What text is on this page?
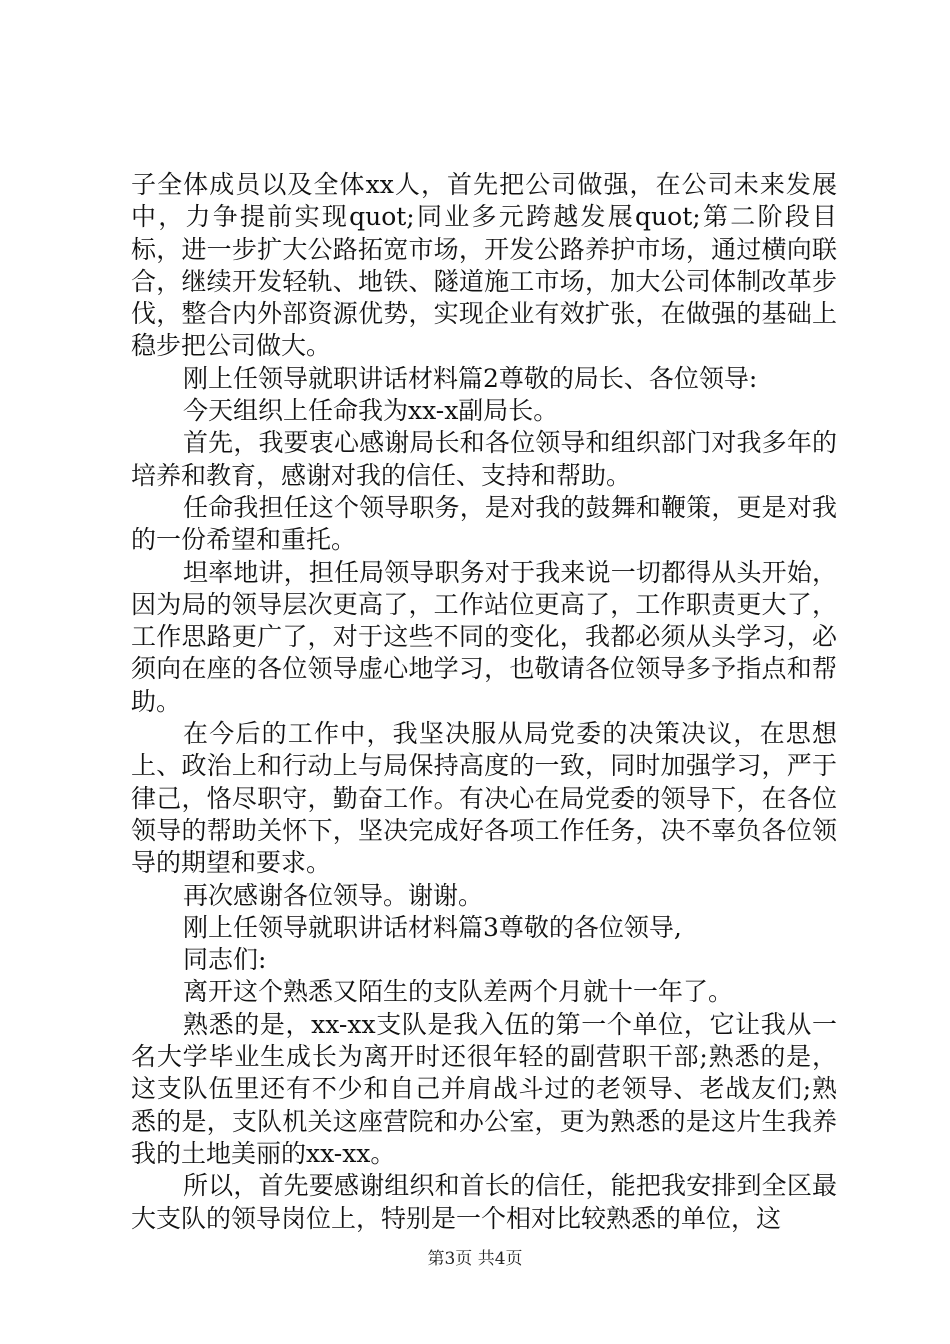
子全体成员以及全体xx人，首先把公司做强，在公司未来发展中，力争提前实现quot;同业多元跨越发展quot;第二阶段目标，进一步扩大公路拓宽市场，开发公路养护市场，通过横向联合，继续开发轻轨、地铁、隧道施工市场，加大公司体制改革步伐，整合内外部资源优势，实现企业有效扩张，在做强的基础上稳步把公司做大。

刚上任领导就职讲话材料篇2尊敬的局长、各位领导:

今天组织上任命我为xx-x副局长。

首先，我要衷心感谢局长和各位领导和组织部门对我多年的培养和教育，感谢对我的信任、支持和帮助。

任命我担任这个领导职务，是对我的鼓舞和鞭策，更是对我的一份希望和重托。

坦率地讲，担任局领导职务对于我来说一切都得从头开始，因为局的领导层次更高了，工作站位更高了，工作职责更大了，工作思路更广了，对于这些不同的变化，我都必须从头学习，必须向在座的各位领导虚心地学习，也敬请各位领导多予指点和帮助。

在今后的工作中，我坚决服从局党委的决策决议，在思想上、政治上和行动上与局保持高度的一致，同时加强学习，严于律己，恪尽职守，勤奋工作。有决心在局党委的领导下，在各位领导的帮助关怀下，坚决完成好各项工作任务，决不辜负各位领导的期望和要求。

再次感谢各位领导。谢谢。

刚上任领导就职讲话材料篇3尊敬的各位领导,

同志们:

离开这个熟悉又陌生的支队差两个月就十一年了。

熟悉的是，xx-xx支队是我入伍的第一个单位，它让我从一名大学毕业生成长为离开时还很年轻的副营职干部;熟悉的是，这支队伍里还有不少和自己并肩战斗过的老领导、老战友们;熟悉的是，支队机关这座营院和办公室，更为熟悉的是这片生我养我的土地美丽的xx-xx。

所以，首先要感谢组织和首长的信任，能把我安排到全区最大支队的领导岗位上，特别是一个相对比较熟悉的单位，这

第3页 共4页
